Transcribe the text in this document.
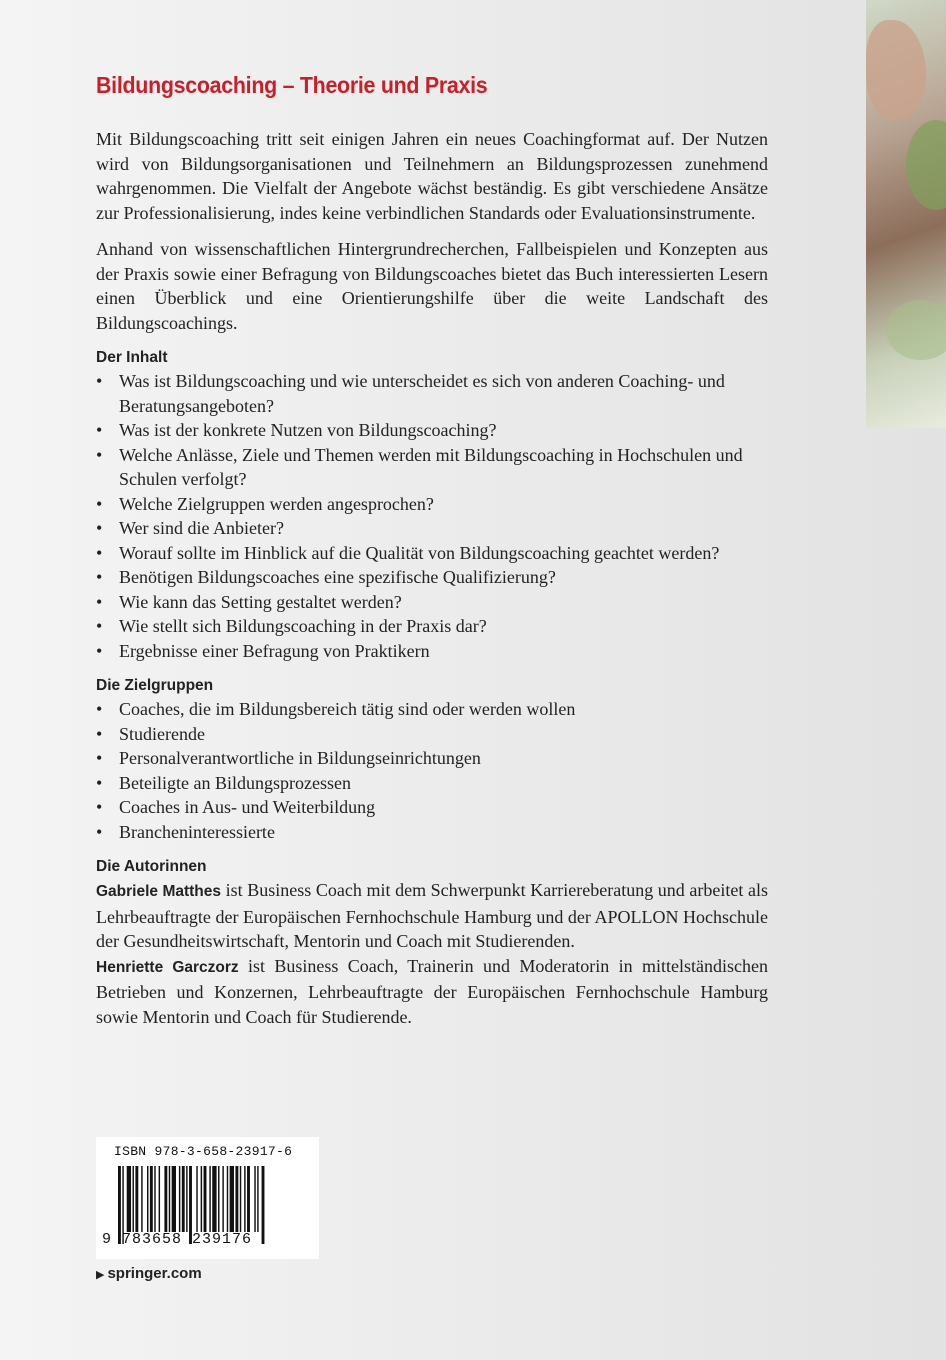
Bildungscoaching – Theorie und Praxis

Mit Bildungscoaching tritt seit einigen Jahren ein neues Coachingformat auf. Der Nutzen wird von Bildungsorganisationen und Teilnehmern an Bildungsprozessen zunehmend wahrgenommen. Die Vielfalt der Angebote wächst beständig. Es gibt verschiedene Ansätze zur Professionalisierung, indes keine verbindlichen Standards oder Evaluationsinstrumente.

Anhand von wissenschaftlichen Hintergrundrecherchen, Fallbeispielen und Konzepten aus der Praxis sowie einer Befragung von Bildungscoaches bietet das Buch interessierten Lesern einen Überblick und eine Orientierungshilfe über die weite Landschaft des Bildungscoachings.

Der Inhalt
• Was ist Bildungscoaching und wie unterscheidet es sich von anderen Coaching- und Beratungsangeboten?
• Was ist der konkrete Nutzen von Bildungscoaching?
• Welche Anlässe, Ziele und Themen werden mit Bildungscoaching in Hochschulen und Schulen verfolgt?
• Welche Zielgruppen werden angesprochen?
• Wer sind die Anbieter?
• Worauf sollte im Hinblick auf die Qualität von Bildungscoaching geachtet werden?
• Benötigen Bildungscoaches eine spezifische Qualifizierung?
• Wie kann das Setting gestaltet werden?
• Wie stellt sich Bildungscoaching in der Praxis dar?
• Ergebnisse einer Befragung von Praktikern
Die Zielgruppen
• Coaches, die im Bildungsbereich tätig sind oder werden wollen
• Studierende
• Personalverantwortliche in Bildungseinrichtungen
• Beteiligte an Bildungsprozessen
• Coaches in Aus- und Weiterbildung
• Brancheninteressierte
Die Autorinnen

Gabriele Matthes ist Business Coach mit dem Schwerpunkt Karriereberatung und arbeitet als Lehrbeauftragte der Europäischen Fernhochschule Hamburg und der APOLLON Hochschule der Gesundheitswirtschaft, Mentorin und Coach mit Studierenden.

Henriette Garczorz ist Business Coach, Trainerin und Moderatorin in mittelständischen Betrieben und Konzernen, Lehrbeauftragte der Europäischen Fernhochschule Hamburg sowie Mentorin und Coach für Studierende.

ISBN 978-3-658-23917-6
9 783658 239176
▶ springer.com
